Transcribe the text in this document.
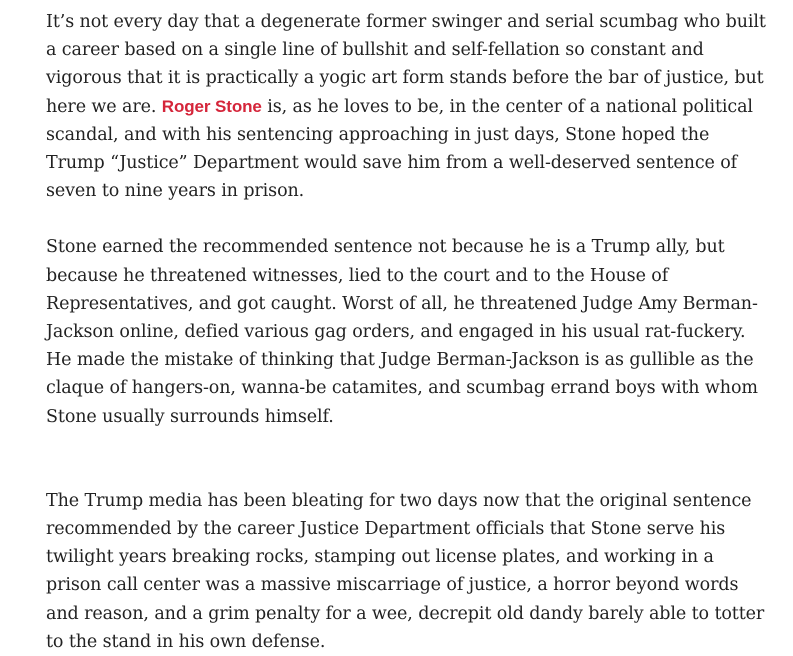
It’s not every day that a degenerate former swinger and serial scumbag who built a career based on a single line of bullshit and self-fellation so constant and vigorous that it is practically a yogic art form stands before the bar of justice, but here we are. Roger Stone is, as he loves to be, in the center of a national political scandal, and with his sentencing approaching in just days, Stone hoped the Trump “Justice” Department would save him from a well-deserved sentence of seven to nine years in prison.

Stone earned the recommended sentence not because he is a Trump ally, but because he threatened witnesses, lied to the court and to the House of Representatives, and got caught. Worst of all, he threatened Judge Amy Berman-Jackson online, defied various gag orders, and engaged in his usual rat-fuckery. He made the mistake of thinking that Judge Berman-Jackson is as gullible as the claque of hangers-on, wanna-be catamites, and scumbag errand boys with whom Stone usually surrounds himself.

The Trump media has been bleating for two days now that the original sentence recommended by the career Justice Department officials that Stone serve his twilight years breaking rocks, stamping out license plates, and working in a prison call center was a massive miscarriage of justice, a horror beyond words and reason, and a grim penalty for a wee, decrepit old dandy barely able to totter to the stand in his own defense.
